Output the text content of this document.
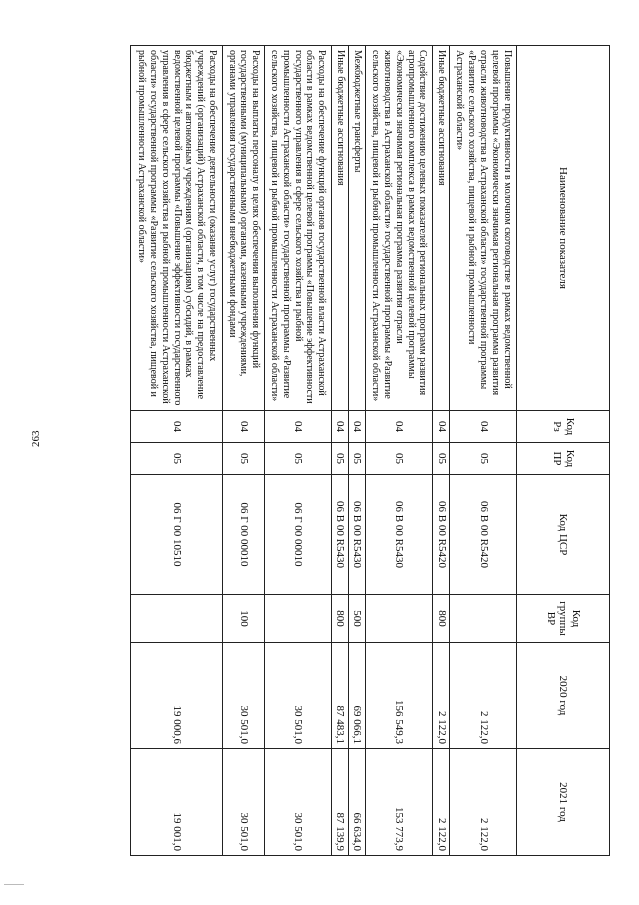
263
Наименование показателя	Код Рз	Код ПР	Код ЦСР	Код группы ВР	2020 год	2021 год
Повышение продуктивности в молочном скотоводстве в рамках ведомственной целевой программы «Экономически значимая региональная программа развития отрасли животноводства в Астраханской области» государственной программы «Развитие сельского хозяйства, пищевой и рыбной промышленности Астраханской области»	04	05	06 В 00 R5420		2 122,0	2 122,0
Иные бюджетные ассигнования	04	05	06 В 00 R5420	800	2 122,0	2 122,0
Содействие достижению целевых показателей региональных программ развития агропромышленного комплекса в рамках ведомственной целевой программы «Экономически значимая региональная программа развития отрасли животноводства в Астраханской области» государственной программы «Развитие сельского хозяйства, пищевой и рыбной промышленности Астраханской области»	04	05	06 В 00 R5430		156 549,3	153 773,9
Межбюджетные трансферты	04	05	06 В 00 R5430	500	69 066,1	66 634,0
Иные бюджетные ассигнования	04	05	06 В 00 R5430	800	87 483,1	87 139,9
Расходы на обеспечение функций органов государственной власти Астраханской области в рамках ведомственной целевой программы «Повышение эффективности государственного управления в сфере сельского хозяйства и рыбной промышленности Астраханской области» государственной программы «Развитие сельского хозяйства, пищевой и рыбной промышленности Астраханской области»	04	05	06 Г 00 00010		30 501,0	30 501,0
Расходы на выплаты персоналу в целях обеспечения выполнения функций государственными (муниципальными) органами, казенными учреждениями, органами управления государственными внебюджетными фондами	04	05	06 Г 00 00010	100	30 501,0	30 501,0
Расходы на обеспечение деятельности (оказание услуг) государственных учреждений (организаций) Астраханской области, в том числе на предоставление бюджетным и автономным учреждениям (организациям) субсидий, в рамках ведомственной целевой программы «Повышение эффективности государственного управления в сфере сельского хозяйства и рыбной промышленности Астраханской области» государственной программы «Развитие сельского хозяйства, пищевой и рыбной промышленности Астраханской области»	04	05	06 Г 00 10510		19 000,6	19 001,0
